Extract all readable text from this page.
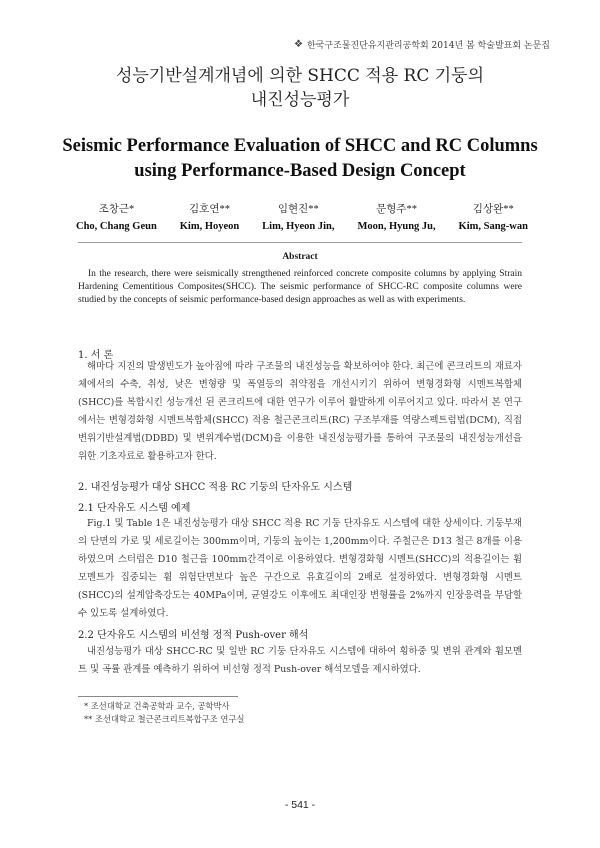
❖ 한국구조물진단유지관리공학회 2014년 봄 학술발표회 논문집
성능기반설계개념에 의한 SHCC 적용 RC 기둥의
내진성능평가
Seismic Performance Evaluation of SHCC and RC Columns
using Performance-Based Design Concept
조창근*
Cho, Chang Geun
김호연**
Kim, Hoyeon
임현진**
Lim, Hyeon Jin,
문형주**
Moon, Hyung Ju,
김상완**
Kim, Sang-wan
Abstract
In the research, there were seismically strengthened reinforced concrete composite columns by applying Strain Hardening Cementitious Composites(SHCC). The seismic performance of SHCC-RC composite columns were studied by the concepts of seismic performance-based design approaches as well as with experiments.
1. 서 론
해마다 지진의 발생빈도가 높아짐에 따라 구조물의 내진성능을 확보하여야 한다. 최근에 콘크리트의 재료자체에서의 수축, 취성, 낮은 변형량 및 폭열등의 취약점을 개선시키기 위하여 변형경화형 시멘트복합체(SHCC)를 복합시킨 성능개선 된 콘크리트에 대한 연구가 이루어 활발하게 이루어지고 있다. 따라서 본 연구에서는 변형경화형 시멘트복합체(SHCC) 적용 철근콘크리트(RC) 구조부재를 역량스펙트럼법(DCM), 직접변위기반설계법(DDBD) 및 변위계수법(DCM)을 이용한 내진성능평가를 통하여 구조물의 내진성능개선을 위한 기초자료로 활용하고자 한다.
2. 내진성능평가 대상 SHCC 적용 RC 기둥의 단자유도 시스템
2.1 단자유도 시스템 예제
Fig.1 및 Table 1은 내진성능평가 대상 SHCC 적용 RC 기둥 단자유도 시스템에 대한 상세이다. 기둥부재의 단면의 가로 및 세로길이는 300mm이며, 기둥의 높이는 1,200mm이다. 주철근은 D13 철근 8개를 이용하였으며 스터럽은 D10 철근을 100mm간격이로 이용하였다. 변형경화형 시멘트(SHCC)의 적용길이는 휨모멘트가 집중되는 휨 위험단면보다 높은 구간으로 유효길이의 2배로 설정하였다. 변형경화형 시멘트(SHCC)의 설계압축강도는 40MPa이며, 균열강도 이후에도 최대인장 변형률을 2%까지 인장응력을 부담할 수 있도록 설계하였다.
2.2 단자유도 시스템의 비선형 정적 Push-over 해석
내진성능평가 대상 SHCC-RC 및 일반 RC 기둥 단자유도 시스템에 대하여 횡하중 및 변위 관계와 휨모멘트 및 곡률 관계를 예측하기 위하여 비선형 정적 Push-over 해석모델을 제시하였다.
* 조선대학교 건축공학과 교수, 공학박사
** 조선대학교 철근콘크리트복합구조 연구실
- 541 -
